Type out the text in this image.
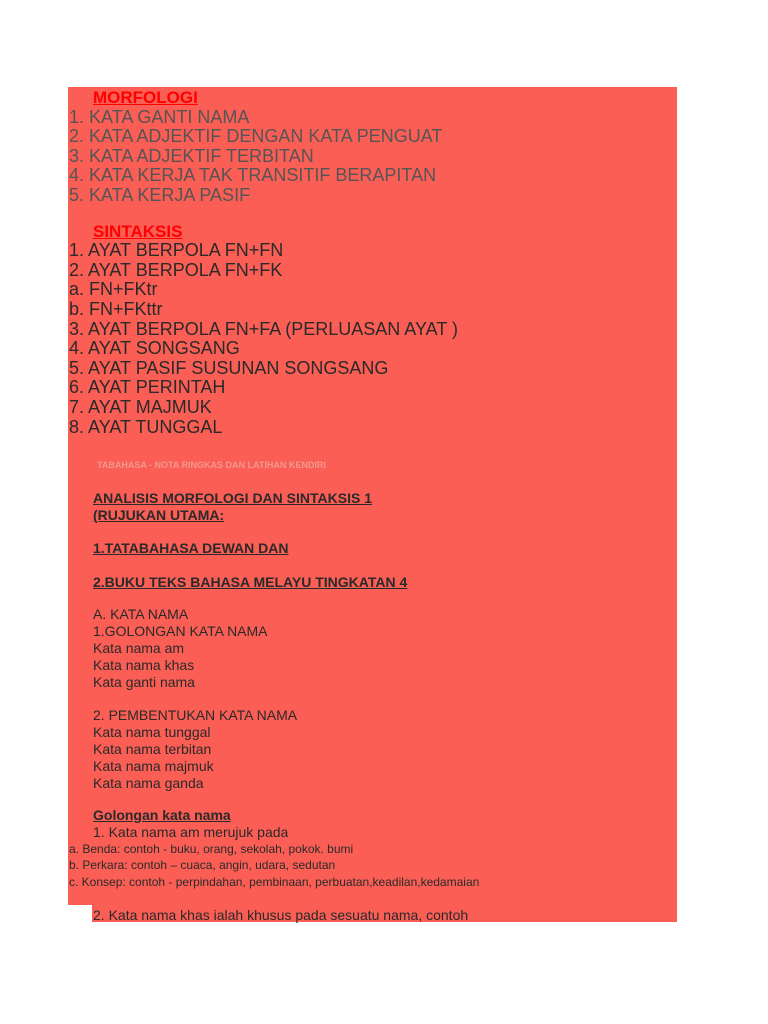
MORFOLOGI
1. KATA GANTI NAMA
2. KATA ADJEKTIF DENGAN KATA PENGUAT
3. KATA ADJEKTIF TERBITAN
4. KATA KERJA TAK TRANSITIF BERAPITAN
5. KATA KERJA PASIF
SINTAKSIS
1. AYAT BERPOLA FN+FN
2. AYAT BERPOLA FN+FK
a. FN+FKtr
b. FN+FKttr
3. AYAT BERPOLA FN+FA (PERLUASAN AYAT )
4. AYAT SONGSANG
5. AYAT PASIF SUSUNAN SONGSANG
6. AYAT PERINTAH
7. AYAT MAJMUK
8. AYAT TUNGGAL
TABAHASA - NOTA RINGKAS DAN LATIHAN KENDIRI
ANALISIS MORFOLOGI DAN SINTAKSIS 1
(RUJUKAN UTAMA:
1.TATABAHASA DEWAN DAN
2.BUKU TEKS BAHASA MELAYU TINGKATAN 4
A. KATA NAMA
1.GOLONGAN KATA NAMA
Kata nama am
Kata nama khas
Kata ganti nama
2. PEMBENTUKAN KATA NAMA
Kata nama tunggal
Kata nama terbitan
Kata nama majmuk
Kata nama ganda
Golongan kata nama
1. Kata nama am merujuk pada
a. Benda: contoh - buku, orang, sekolah, pokok. bumi
b. Perkara: contoh – cuaca, angin, udara, sedutan
c. Konsep: contoh - perpindahan, pembinaan, perbuatan,keadilan,kedamaian
2. Kata nama khas ialah khusus pada sesuatu nama, contoh
